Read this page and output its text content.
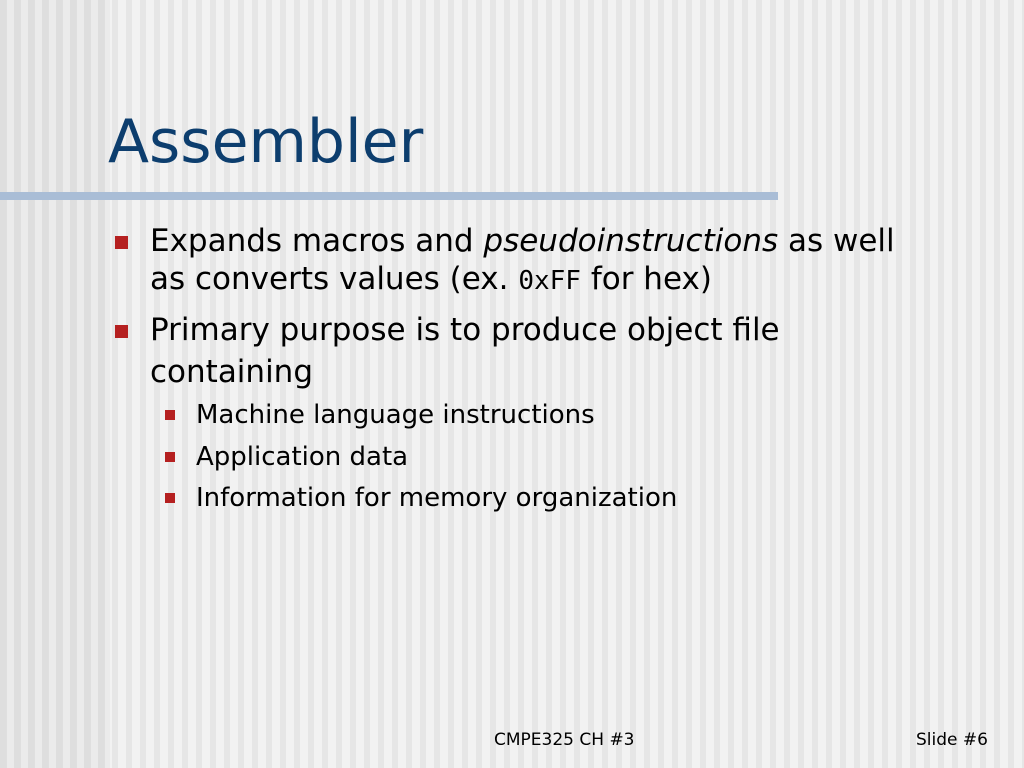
Assembler
Expands macros and pseudoinstructions as well
as converts values (ex. 0xFF for hex)
Primary purpose is to produce object file
containing
Machine language instructions
Application data
Information for memory organization
CMPE325 CH #3	Slide #6
